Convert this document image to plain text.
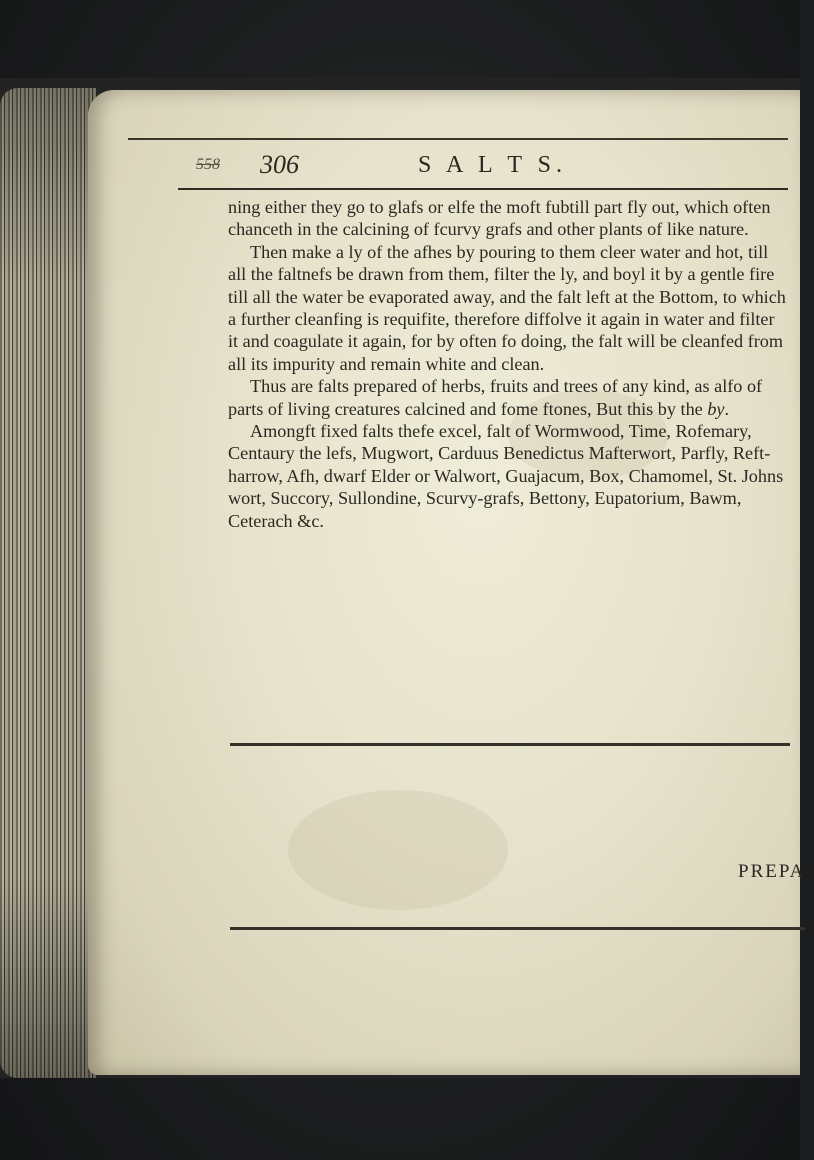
558 306	S A L T S.

ning either they go to glafs or elfe the moft fubtill part fly out, which often chanceth in the calcining of fcurvy grafs and other plants of like nature.

Then make a ly of the afhes by pouring to them cleer water and hot, till all the faltnefs be drawn from them, filter the ly, and boyl it by a gentle fire till all the water be evaporated away, and the falt left at the Bottom, to which a further cleanfing is requifite, therefore diffolve it again in water and filter it and coagulate it again, for by often fo doing, the falt will be cleanfed from all its impurity and remain white and clean.

Thus are falts prepared of herbs, fruits and trees of any kind, as alfo of parts of living creatures calcined and fome ftones, But this by the by.

Amongft fixed falts thefe excel, falt of Wormwood, Time, Rofemary, Centaury the lefs, Mugwort, Carduus Benedictus Mafterwort, Parfly, Reft-harrow, Afh, dwarf Elder or Walwort, Guajacum, Box, Chamomel, St. Johns wort, Succory, Sullondine, Scurvy-grafs, Bettony, Eupatorium, Bawm, Ceterach &c.

PREPA-
